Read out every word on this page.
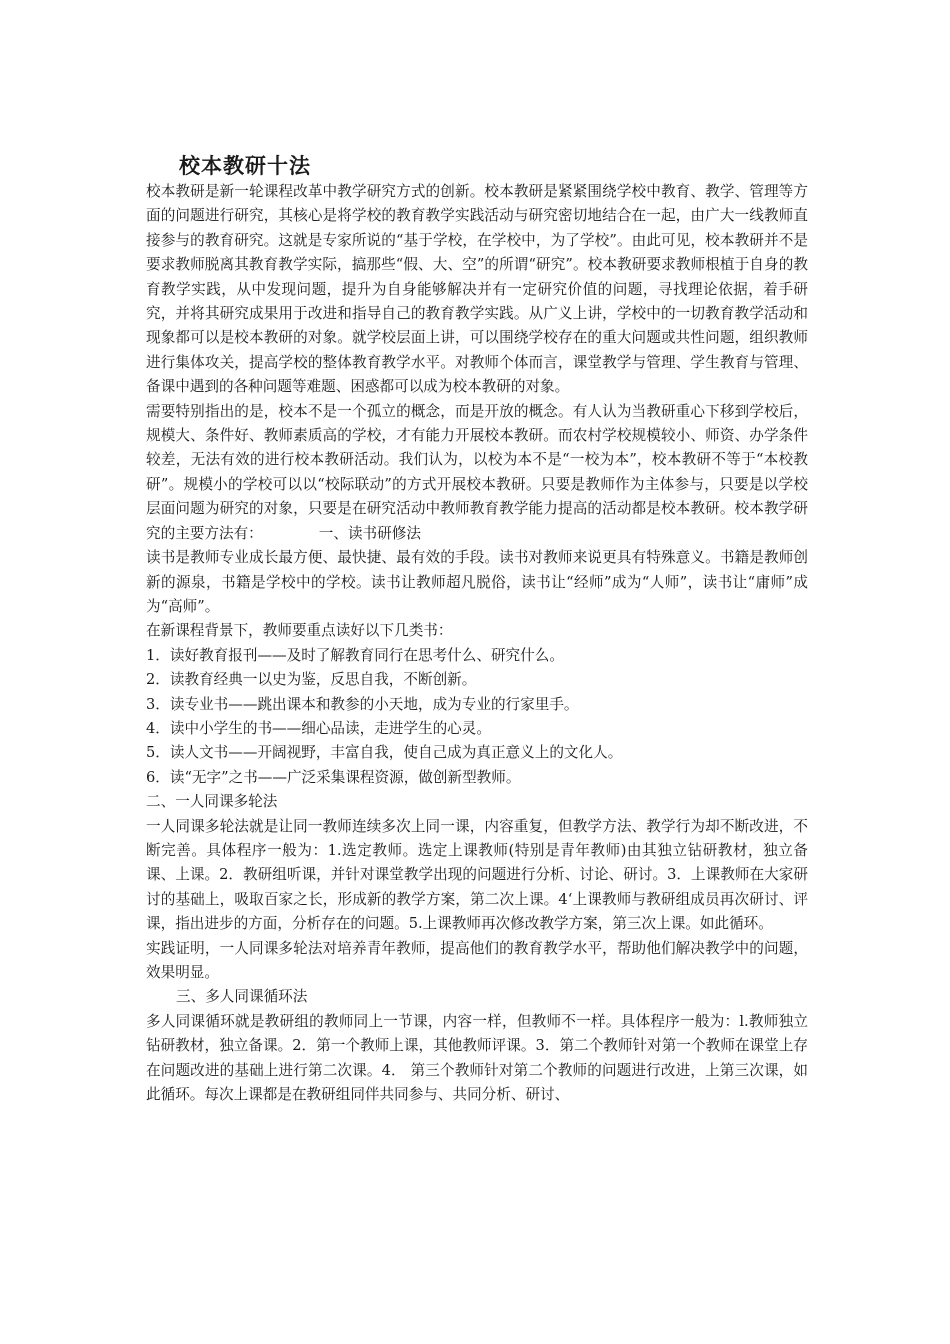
校本教研十法

校本教研是新一轮课程改革中教学研究方式的创新。校本教研是紧紧围绕学校中教育、教学、管理等方面的问题进行研究，其核心是将学校的教育教学实践活动与研究密切地结合在一起，由广大一线教师直接参与的教育研究。这就是专家所说的“基于学校，在学校中，为了学校”。由此可见，校本教研并不是要求教师脱离其教育教学实际，搞那些“假、大、空”的所谓“研究”。校本教研要求教师根植于自身的教育教学实践，从中发现问题，提升为自身能够解决并有一定研究价值的问题，寻找理论依据，着手研究，并将其研究成果用于改进和指导自己的教育教学实践。从广义上讲，学校中的一切教育教学活动和现象都可以是校本教研的对象。就学校层面上讲，可以围绕学校存在的重大问题或共性问题，组织教师进行集体攻关，提高学校的整体教育教学水平。对教师个体而言，课堂教学与管理、学生教育与管理、备课中遇到的各种问题等难题、困惑都可以成为校本教研的对象。

需要特别指出的是，校本不是一个孤立的概念，而是开放的概念。有人认为当教研重心下移到学校后，规模大、条件好、教师素质高的学校，才有能力开展校本教研。而农村学校规模较小、师资、办学条件较差，无法有效的进行校本教研活动。我们认为，以校为本不是“一校为本”，校本教研不等于“本校教研”。规模小的学校可以以“校际联动”的方式开展校本教研。只要是教师作为主体参与，只要是以学校层面问题为研究的对象，只要是在研究活动中教师教育教学能力提高的活动都是校本教研。校本教学研究的主要方法有：	一、读书研修法

读书是教师专业成长最方便、最快捷、最有效的手段。读书对教师来说更具有特殊意义。书籍是教师创新的源泉，书籍是学校中的学校。读书让教师超凡脱俗，读书让“经师”成为“人师”，读书让“庸师”成为“高师”。

在新课程背景下，教师要重点读好以下几类书：

1．读好教育报刊——及时了解教育同行在思考什么、研究什么。

2．读教育经典一以史为鉴，反思自我，不断创新。

3．读专业书——跳出课本和教参的小天地，成为专业的行家里手。

4．读中小学生的书——细心品读，走进学生的心灵。

5．读人文书——开阔视野，丰富自我，使自己成为真正意义上的文化人。

6．读“无字”之书——广泛采集课程资源，做创新型教师。

二、一人同课多轮法

一人同课多轮法就是让同一教师连续多次上同一课，内容重复，但教学方法、教学行为却不断改进，不断完善。具体程序一般为：1.选定教师。选定上课教师(特别是青年教师)由其独立钻研教材，独立备课、上课。2．教研组听课，并针对课堂教学出现的问题进行分析、讨论、研讨。3．上课教师在大家研讨的基础上，吸取百家之长，形成新的教学方案，第二次上课。4‘上课教师与教研组成员再次研讨、评课，指出进步的方面，分析存在的问题。5.上课教师再次修改教学方案，第三次上课。如此循环。

实践证明，一人同课多轮法对培养青年教师，提高他们的教育教学水平，帮助他们解决教学中的问题，效果明显。

三、多人同课循环法

多人同课循环就是教研组的教师同上一节课，内容一样，但教师不一样。具体程序一般为：l.教师独立钻研教材，独立备课。2．第一个教师上课，其他教师评课。3．第二个教师针对第一个教师在课堂上存在问题改进的基础上进行第二次课。4． 第三个教师针对第二个教师的问题进行改进，上第三次课，如此循环。每次上课都是在教研组同伴共同参与、共同分析、研讨、
